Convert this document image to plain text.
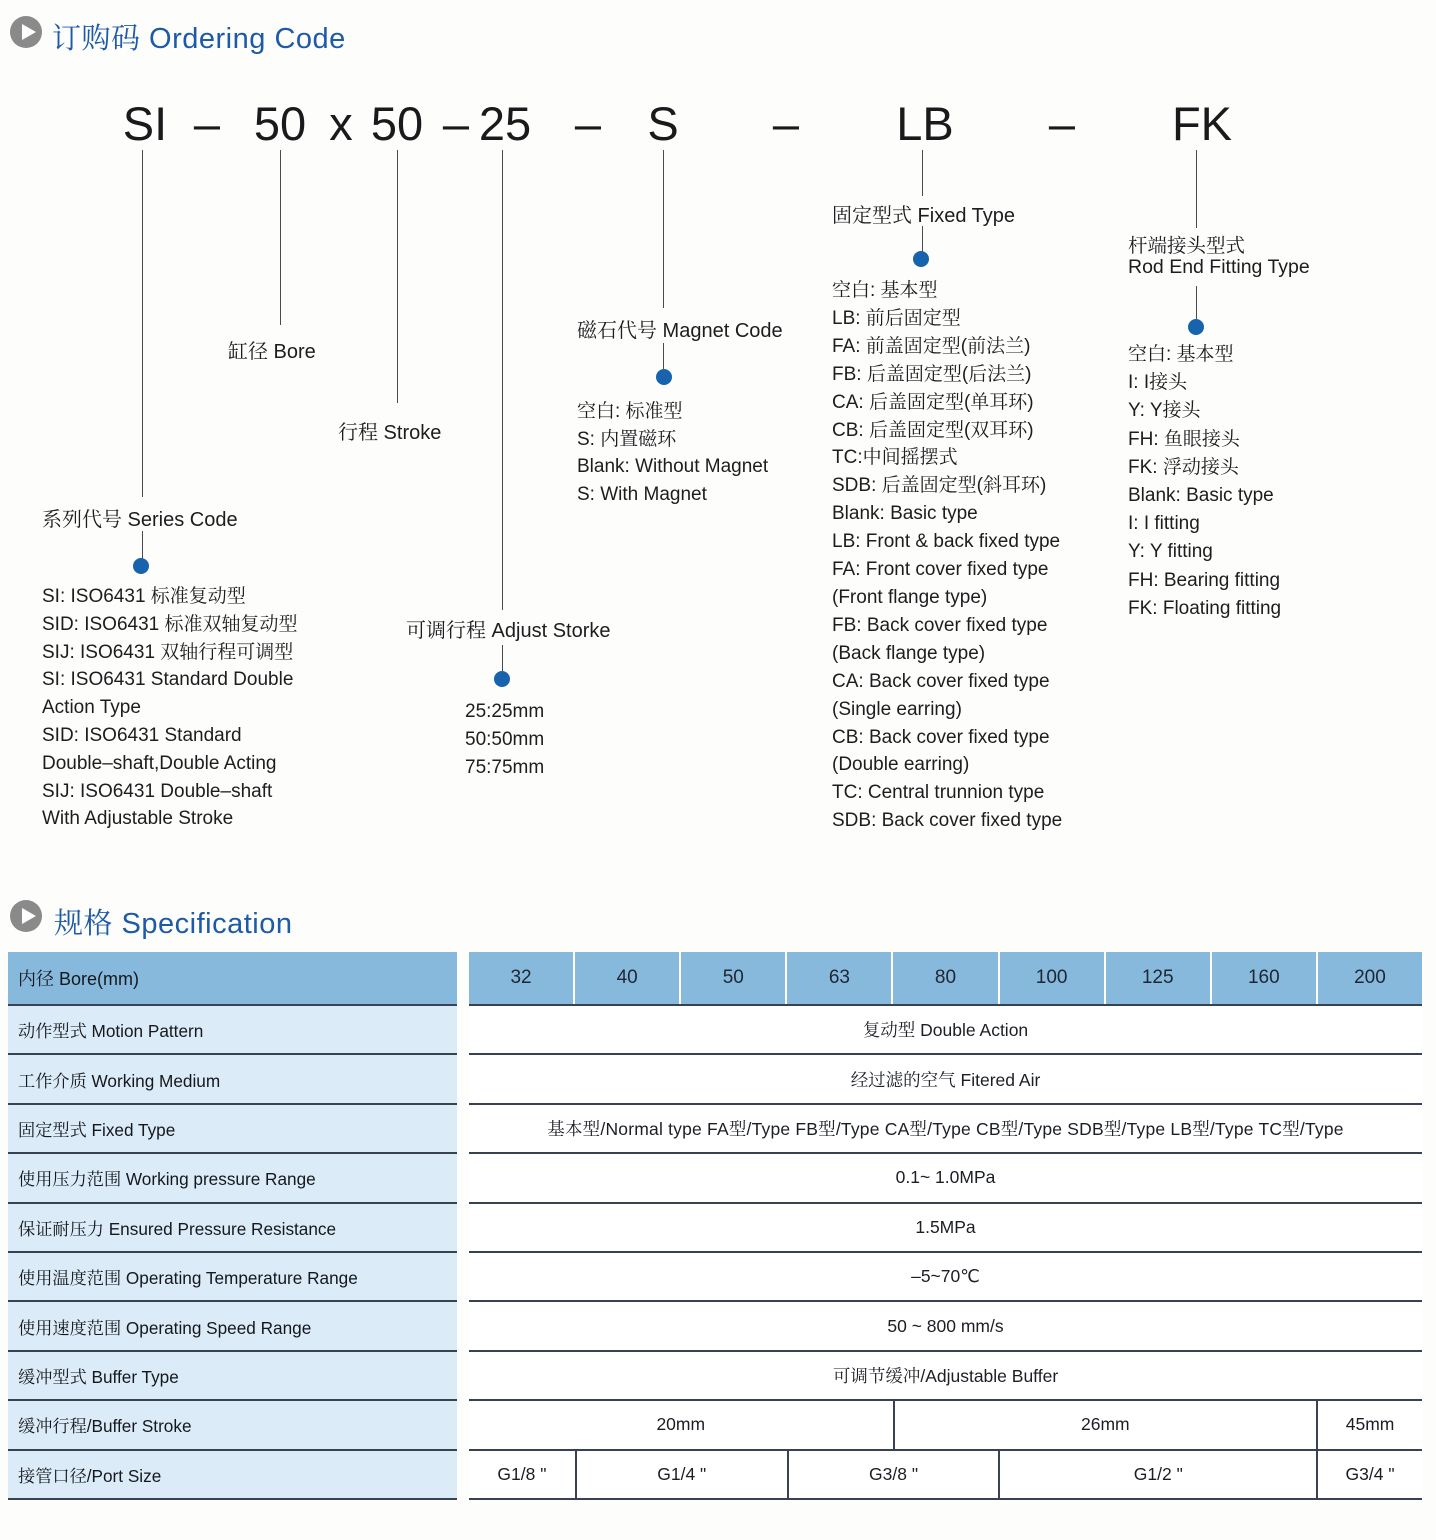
订购码 Ordering Code
SI – 50 x 50 – 25 – S – LB – FK
缸径 Bore
行程 Stroke
可调行程 Adjust Storke
磁石代号 Magnet Code
固定型式 Fixed Type
系列代号 Series Code
杆端接头型式
Rod End Fitting Type
SI: ISO6431 标准复动型
SID: ISO6431 标准双轴复动型
SIJ: ISO6431 双轴行程可调型
SI: ISO6431 Standard Double
Action Type
SID: ISO6431 Standard
Double–shaft,Double Acting
SIJ: ISO6431 Double–shaft
With Adjustable Stroke
25:25mm
50:50mm
75:75mm
空白: 标准型
S: 内置磁环
Blank: Without Magnet
S: With Magnet
空白: 基本型
LB: 前后固定型
FA: 前盖固定型(前法兰)
FB: 后盖固定型(后法兰)
CA: 后盖固定型(单耳环)
CB: 后盖固定型(双耳环)
TC:中间摇摆式
SDB: 后盖固定型(斜耳环)
Blank: Basic type
LB: Front & back fixed type
FA: Front cover fixed type
(Front flange type)
FB: Back cover fixed type
(Back flange type)
CA: Back cover fixed type
(Single earring)
CB: Back cover fixed type
(Double earring)
TC: Central trunnion type
SDB: Back cover fixed type
空白: 基本型
I: I接头
Y: Y接头
FH: 鱼眼接头
FK: 浮动接头
Blank: Basic type
I: I fitting
Y: Y fitting
FH: Bearing fitting
FK: Floating fitting
规格 Specification
内径 Bore(mm)	32	40	50	63	80	100	125	160	200
动作型式 Motion Pattern	复动型 Double Action
工作介质 Working Medium	经过滤的空气 Fitered Air
固定型式 Fixed Type	基本型/Normal type FA型/Type FB型/Type CA型/Type CB型/Type SDB型/Type LB型/Type TC型/Type
使用压力范围 Working pressure Range	0.1~ 1.0MPa
保证耐压力 Ensured Pressure Resistance	1.5MPa
使用温度范围 Operating Temperature Range	–5~70℃
使用速度范围 Operating Speed Range	50 ~ 800 mm/s
缓冲型式 Buffer Type	可调节缓冲/Adjustable Buffer
缓冲行程/Buffer Stroke	20mm	26mm	45mm
接管口径/Port Size	G1/8 "	G1/4 "	G3/8 "	G1/2 "	G3/4 "
